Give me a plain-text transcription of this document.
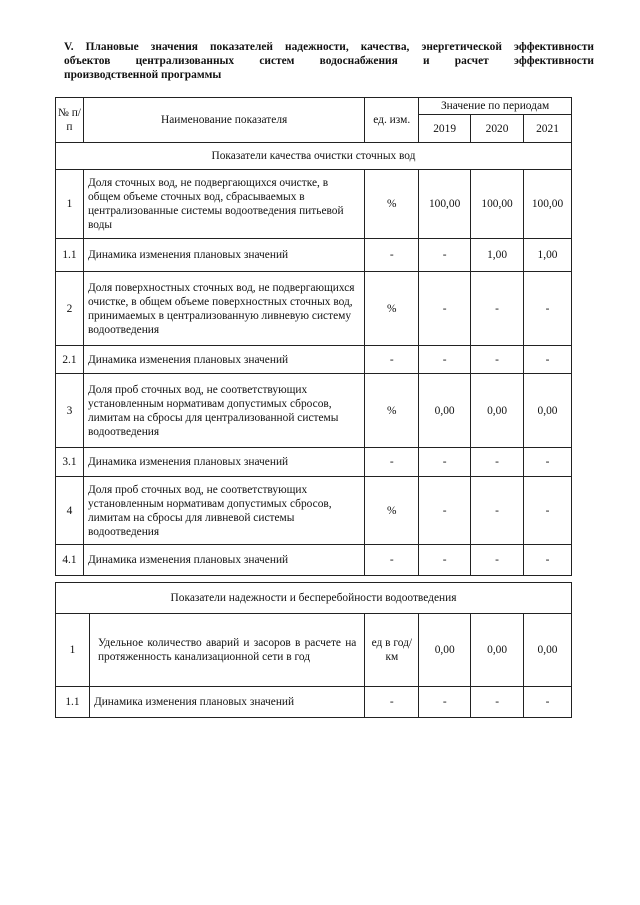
V. Плановые значения показателей надежности, качества, энергетической эффективности
объектов централизованных систем водоснабжения и расчет эффективности
производственной программы
№ п/ п	Наименование показателя	ед. изм.	Значение по периодам		
			2019	2020	2021
Показатели качества очистки сточных вод					
1	Доля сточных вод, не подвергающихся очистке, в общем объеме сточных вод, сбрасываемых в централизованные системы водоотведения питьевой воды	%	100,00	100,00	100,00
1.1	Динамика изменения плановых значений	-	-	1,00	1,00
2	Доля поверхностных сточных вод, не подвергающихся очистке, в общем объеме поверхностных сточных вод, принимаемых в централизованную ливневую систему водоотведения	%	-	-	-
2.1	Динамика изменения плановых значений	-	-	-	-
3	Доля проб сточных вод, не соответствующих установленным нормативам допустимых сбросов, лимитам на сбросы для централизованной системы водоотведения	%	0,00	0,00	0,00
3.1	Динамика изменения плановых значений	-	-	-	-
4	Доля проб сточных вод, не соответствующих установленным нормативам допустимых сбросов, лимитам на сбросы для ливневой системы водоотведения	%	-	-	-
4.1	Динамика изменения плановых значений	-	-	-	-
Показатели надежности и бесперебойности водоотведения					
1	Удельное количество аварий и засоров в расчете на протяженность канализационной сети в год	ед в год/ км	0,00	0,00	0,00
1.1	Динамика изменения плановых значений	-	-	-	-
